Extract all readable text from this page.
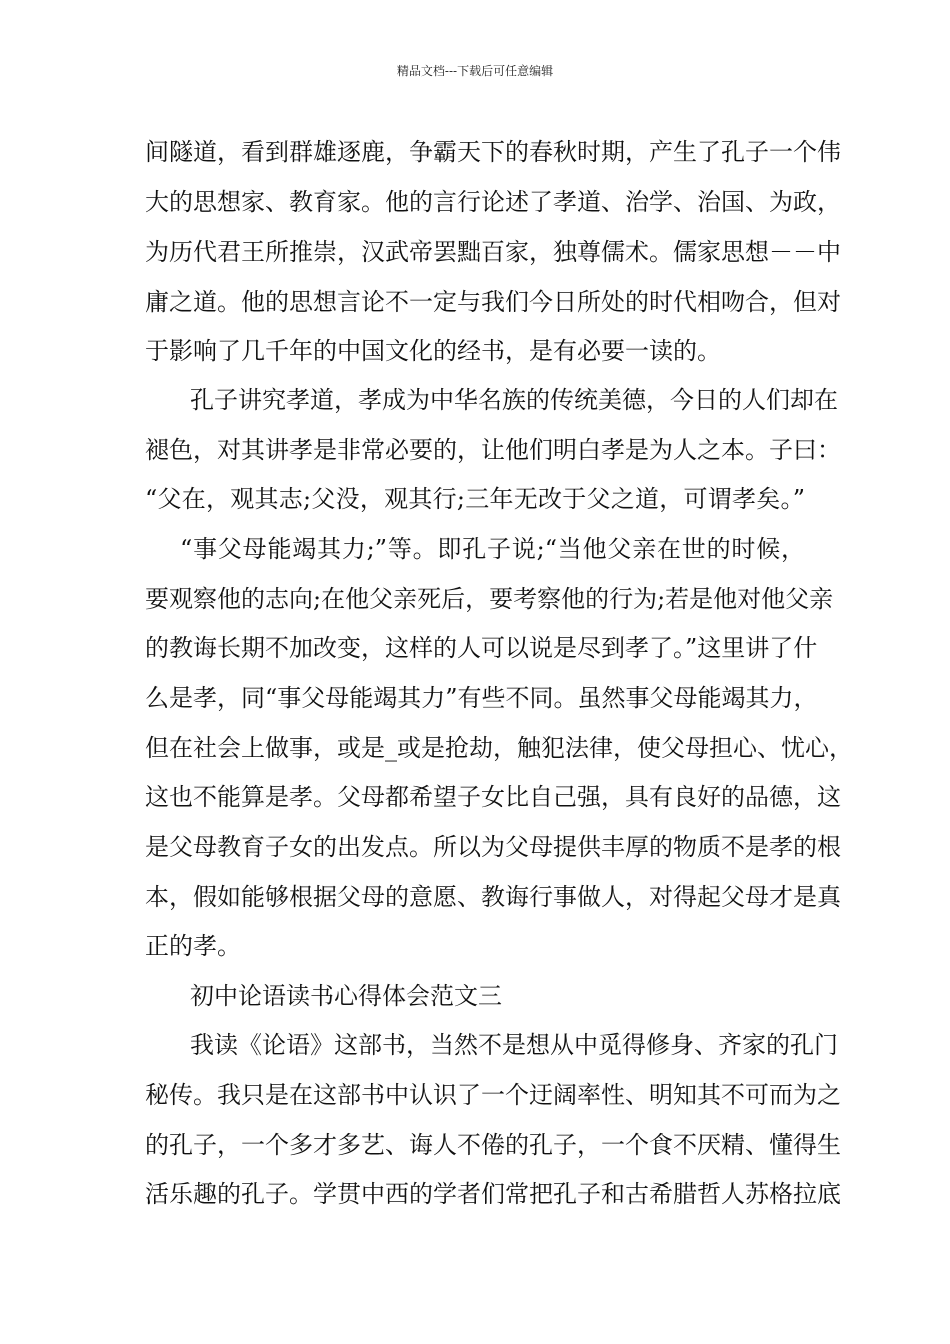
精品文档---下载后可任意编辑
间隧道，看到群雄逐鹿，争霸天下的春秋时期，产生了孔子一个伟
大的思想家、教育家。他的言行论述了孝道、治学、治国、为政，
为历代君王所推崇，汉武帝罢黜百家，独尊儒术。儒家思想－－中
庸之道。他的思想言论不一定与我们今日所处的时代相吻合，但对
于影响了几千年的中国文化的经书，是有必要一读的。
孔子讲究孝道，孝成为中华名族的传统美德，今日的人们却在
褪色，对其讲孝是非常必要的，让他们明白孝是为人之本。子曰：
“父在，观其志;父没，观其行;三年无改于父之道，可谓孝矣。”
“事父母能竭其力;”等。即孔子说;“当他父亲在世的时候，
要观察他的志向;在他父亲死后，要考察他的行为;若是他对他父亲
的教诲长期不加改变，这样的人可以说是尽到孝了。”这里讲了什
么是孝，同“事父母能竭其力”有些不同。虽然事父母能竭其力，
但在社会上做事，或是_或是抢劫，触犯法律，使父母担心、忧心，
这也不能算是孝。父母都希望子女比自己强，具有良好的品德，这
是父母教育子女的出发点。所以为父母提供丰厚的物质不是孝的根
本，假如能够根据父母的意愿、教诲行事做人，对得起父母才是真
正的孝。
初中论语读书心得体会范文三
我读《论语》这部书，当然不是想从中觅得修身、齐家的孔门
秘传。我只是在这部书中认识了一个迂阔率性、明知其不可而为之
的孔子，一个多才多艺、诲人不倦的孔子，一个食不厌精、懂得生
活乐趣的孔子。学贯中西的学者们常把孔子和古希腊哲人苏格拉底
